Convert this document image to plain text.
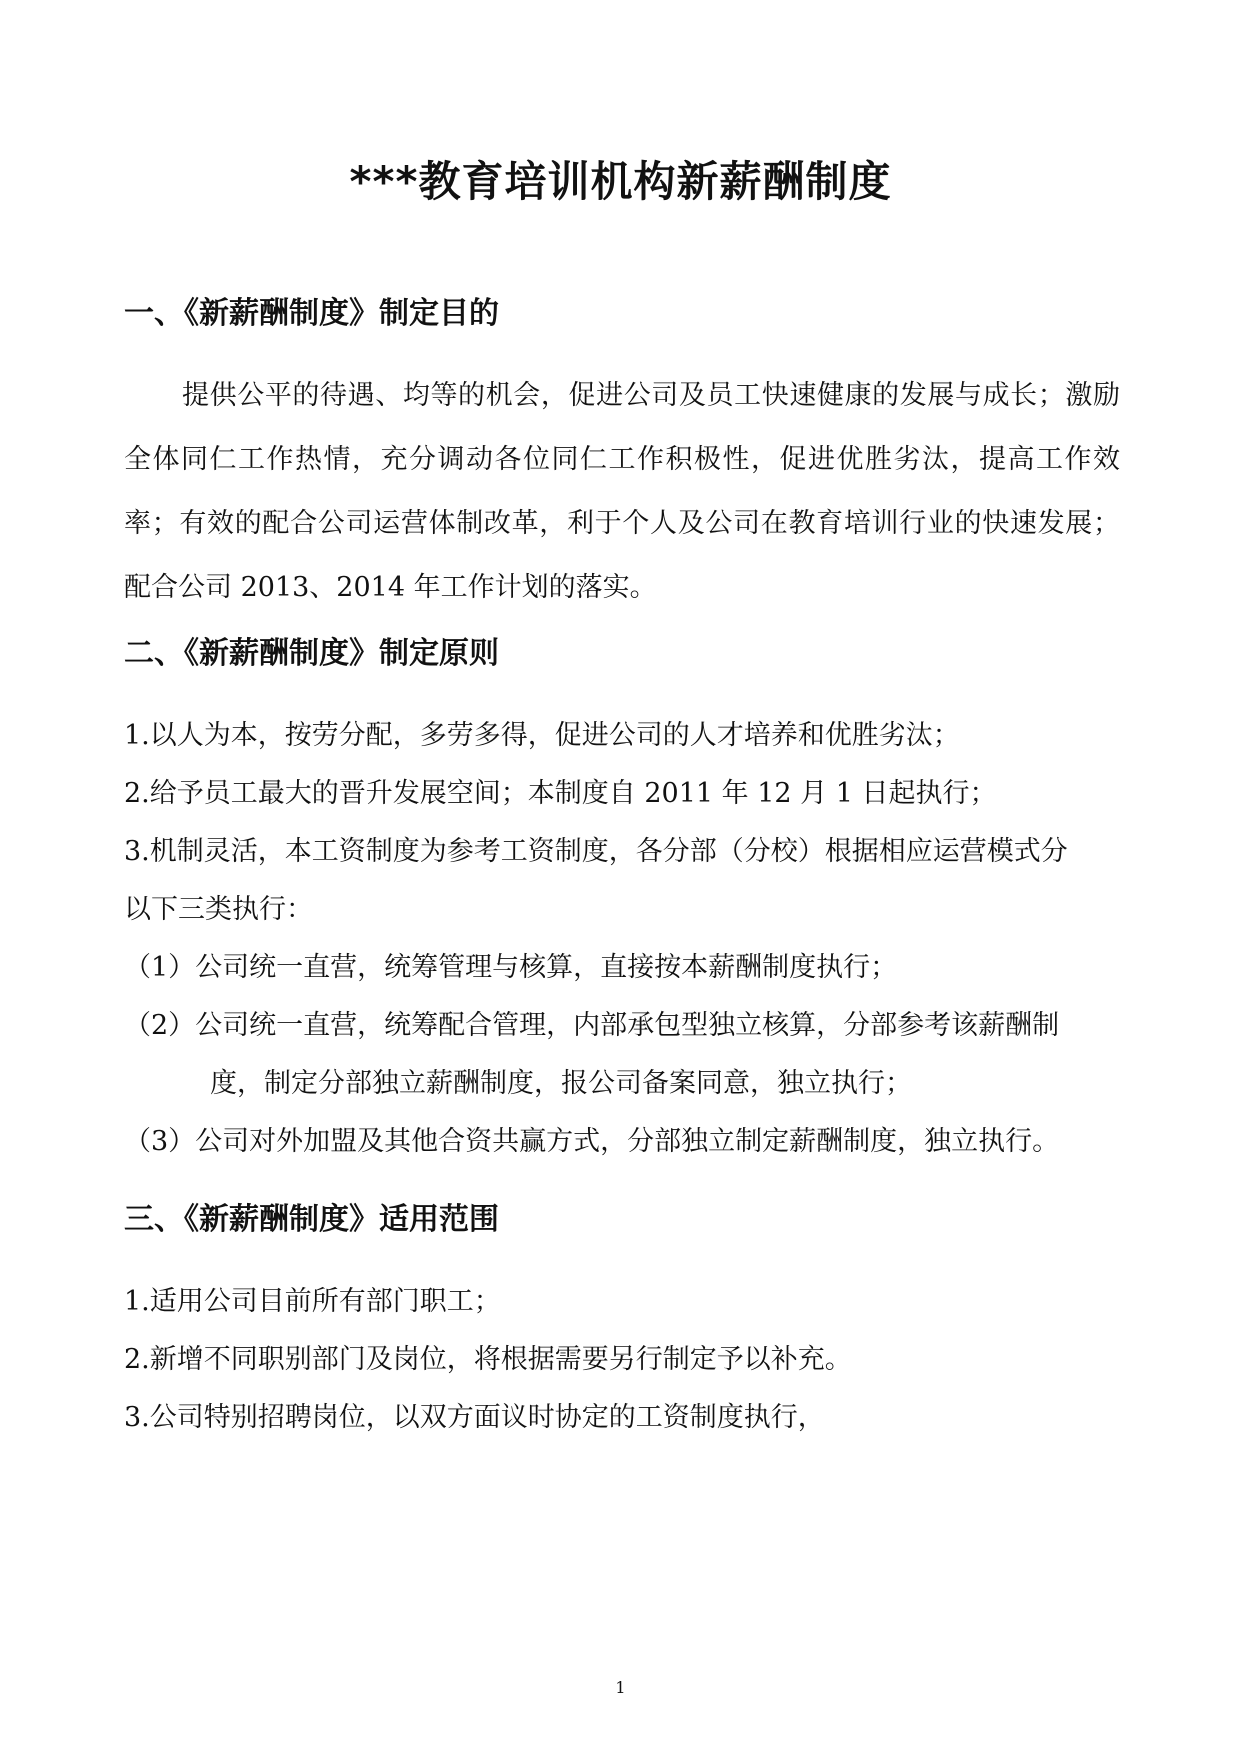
***教育培训机构新薪酬制度
一、《新薪酬制度》制定目的

提供公平的待遇、均等的机会，促进公司及员工快速健康的发展与成长；激励全体同仁工作热情，充分调动各位同仁工作积极性，促进优胜劣汰，提高工作效率；有效的配合公司运营体制改革，利于个人及公司在教育培训行业的快速发展；配合公司 2013、2014 年工作计划的落实。

二、《新薪酬制度》制定原则

1.以人为本，按劳分配，多劳多得，促进公司的人才培养和优胜劣汰；

2.给予员工最大的晋升发展空间；本制度自 2011 年 12 月 1 日起执行；

3.机制灵活，本工资制度为参考工资制度，各分部（分校）根据相应运营模式分

以下三类执行：

（1）公司统一直营，统筹管理与核算，直接按本薪酬制度执行；

（2）公司统一直营，统筹配合管理，内部承包型独立核算，分部参考该薪酬制

度，制定分部独立薪酬制度，报公司备案同意，独立执行；

（3）公司对外加盟及其他合资共赢方式，分部独立制定薪酬制度，独立执行。

三、《新薪酬制度》适用范围

1.适用公司目前所有部门职工；

2.新增不同职别部门及岗位，将根据需要另行制定予以补充。

3.公司特别招聘岗位，以双方面议时协定的工资制度执行，

1
